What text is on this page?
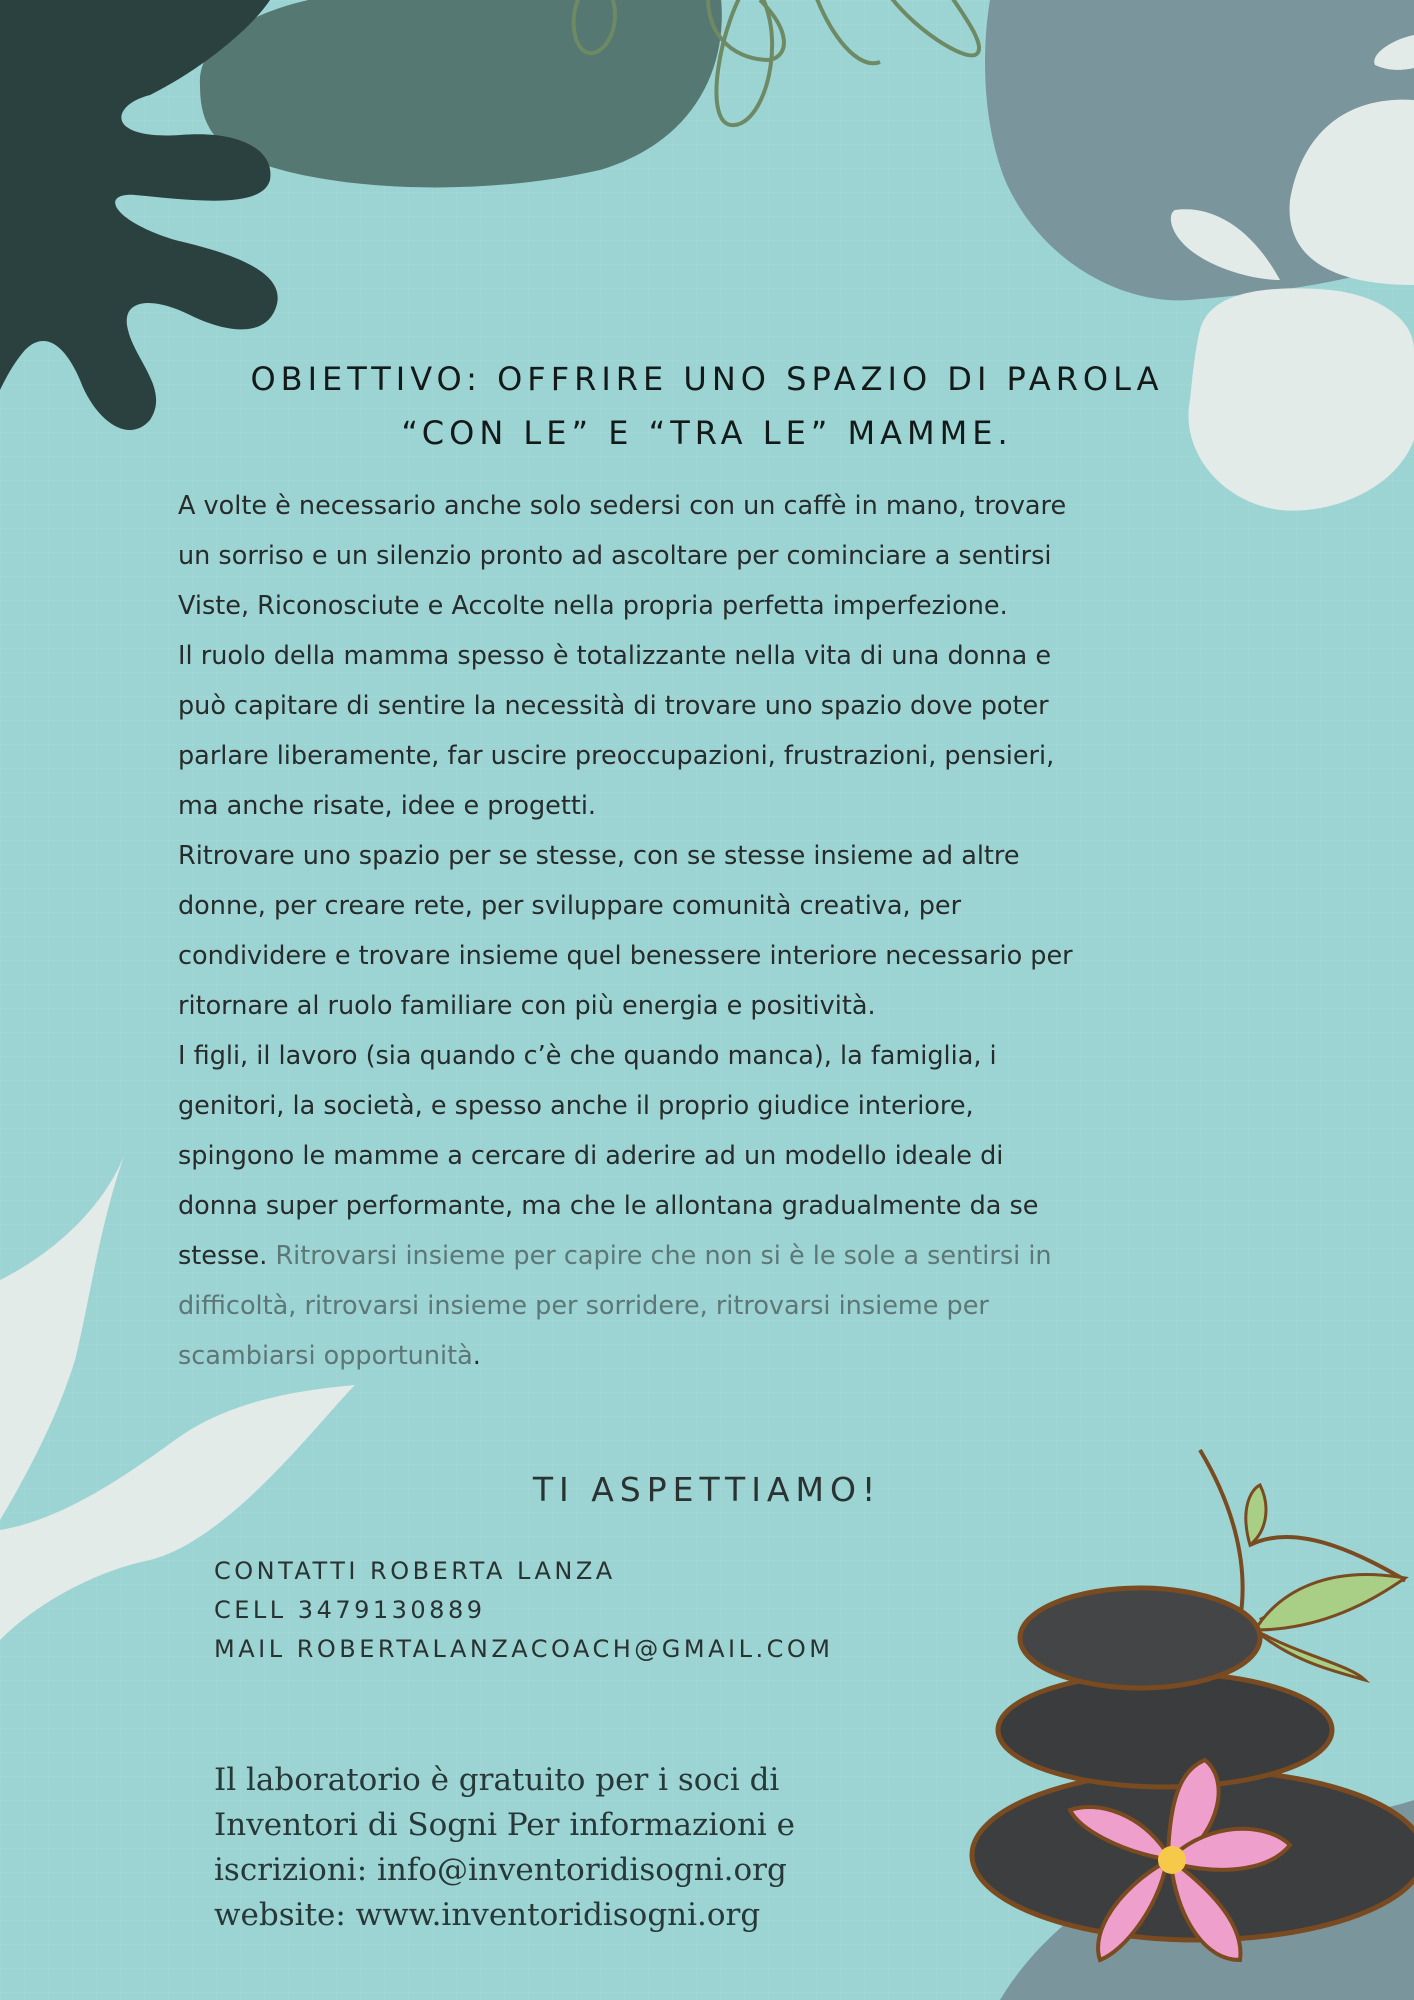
OBIETTIVO: OFFRIRE UNO SPAZIO DI PAROLA
“CON LE” E “TRA LE” MAMME.
A volte è necessario anche solo sedersi con un caffè in mano, trovare
un sorriso e un silenzio pronto ad ascoltare per cominciare a sentirsi
Viste, Riconosciute e Accolte nella propria perfetta imperfezione.
Il ruolo della mamma spesso è totalizzante nella vita di una donna e
può capitare di sentire la necessità di trovare uno spazio dove poter
parlare liberamente, far uscire preoccupazioni, frustrazioni, pensieri,
ma anche risate, idee e progetti.
Ritrovare uno spazio per se stesse, con se stesse insieme ad altre
donne, per creare rete, per sviluppare comunità creativa, per
condividere e trovare insieme quel benessere interiore necessario per
ritornare al ruolo familiare con più energia e positività.
I figli, il lavoro (sia quando c’è che quando manca), la famiglia, i
genitori, la società, e spesso anche il proprio giudice interiore,
spingono le mamme a cercare di aderire ad un modello ideale di
donna super performante, ma che le allontana gradualmente da se
stesse. Ritrovarsi insieme per capire che non si è le sole a sentirsi in
difficoltà, ritrovarsi insieme per sorridere, ritrovarsi insieme per
scambiarsi opportunità.
TI ASPETTIAMO!
CONTATTI ROBERTA LANZA
CELL 3479130889
MAIL ROBERTALANZACOACH@GMAIL.COM
Il laboratorio è gratuito per i soci di
Inventori di Sogni Per informazioni e
iscrizioni: info@inventoridisogni.org
website: www.inventoridisogni.org
